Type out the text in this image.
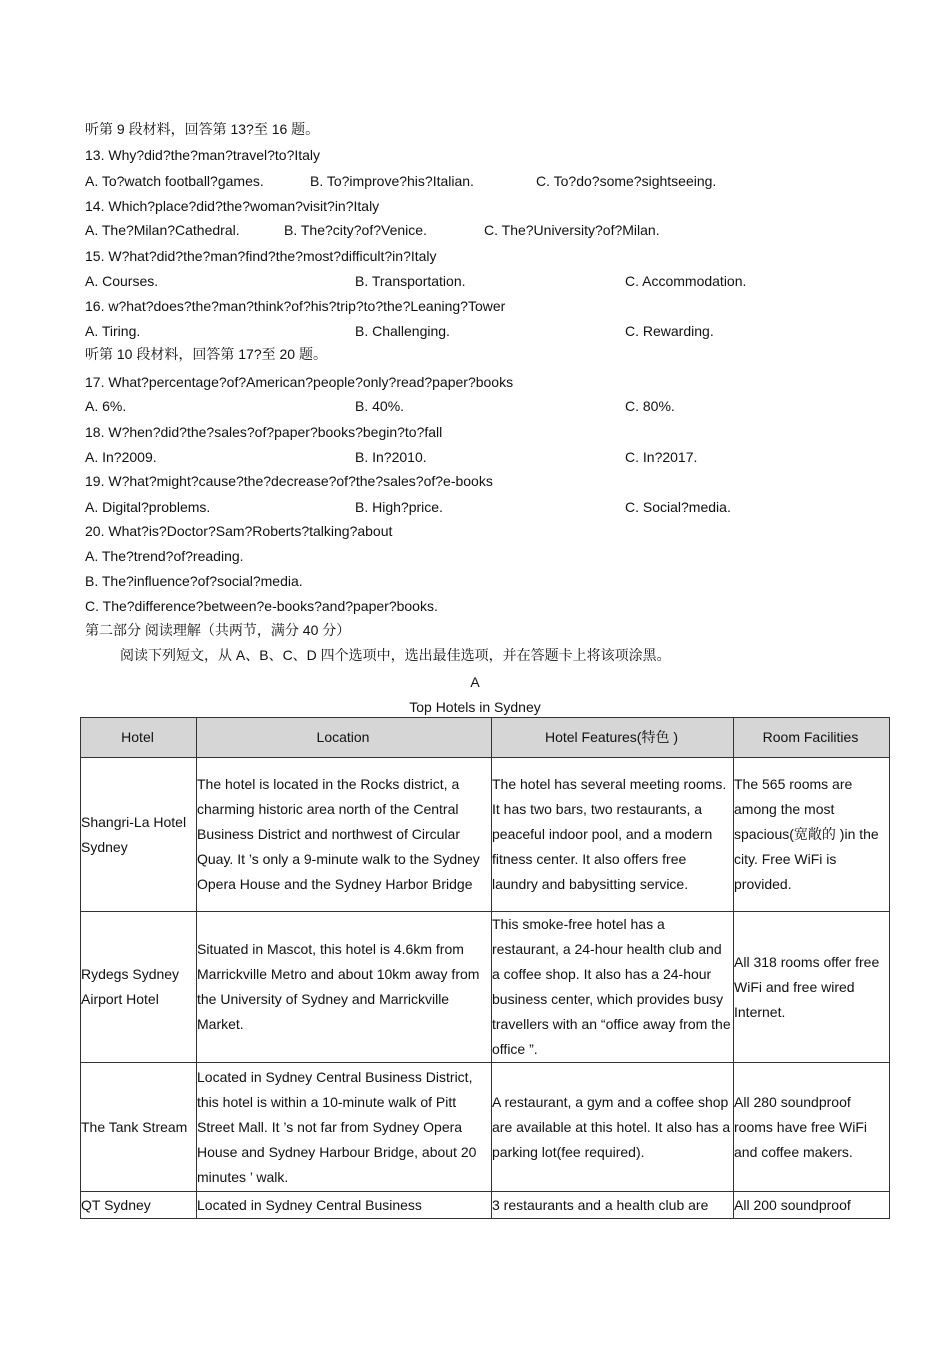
听第 9 段材料，回答第 13?至 16 题。
13. Why?did?the?man?travel?to?Italy
A. To?watch football?games.	B. To?improve?his?Italian.	C. To?do?some?sightseeing.
14. Which?place?did?the?woman?visit?in?Italy
A. The?Milan?Cathedral.	B. The?city?of?Venice.	C. The?University?of?Milan.
15. W?hat?did?the?man?find?the?most?difficult?in?Italy
A. Courses.	B. Transportation.	C. Accommodation.
16. w?hat?does?the?man?think?of?his?trip?to?the?Leaning?Tower
A. Tiring.	B. Challenging.	C. Rewarding.
听第 10 段材料，回答第 17?至 20 题。
17. What?percentage?of?American?people?only?read?paper?books
A. 6%.	B. 40%.	C. 80%.
18. W?hen?did?the?sales?of?paper?books?begin?to?fall
A. In?2009.	B. In?2010.	C. In?2017.
19. W?hat?might?cause?the?decrease?of?the?sales?of?e-books
A. Digital?problems.	B. High?price.	C. Social?media.
20. What?is?Doctor?Sam?Roberts?talking?about
A. The?trend?of?reading.
B. The?influence?of?social?media.
C. The?difference?between?e-books?and?paper?books.
第二部分 阅读理解（共两节，满分 40 分）
阅读下列短文，从 A、B、C、D 四个选项中，选出最佳选项，并在答题卡上将该项涂黑。
A
Top Hotels in Sydney
Hotel	Location	Hotel Features(特色 )	Room Facilities
Shangri-La Hotel Sydney	The hotel is located in the Rocks district, a charming historic area north of the Central Business District and northwest of Circular Quay. It ’s only a 9-minute walk to the Sydney Opera House and the Sydney Harbor Bridge	The hotel has several meeting rooms. It has two bars, two restaurants, a peaceful indoor pool, and a modern fitness center. It also offers free laundry and babysitting service.	The 565 rooms are among the most spacious(宽敞的 )in the city. Free WiFi is provided.
Rydegs Sydney Airport Hotel	Situated in Mascot, this hotel is 4.6km from Marrickville Metro and about 10km away from the University of Sydney and Marrickville Market.	This smoke-free hotel has a restaurant, a 24-hour health club and a coffee shop. It also has a 24-hour business center, which provides busy travellers with an “office away from the office ”.	All 318 rooms offer free WiFi and free wired Internet.
The Tank Stream	Located in Sydney Central Business District, this hotel is within a 10-minute walk of Pitt Street Mall. It ’s not far from Sydney Opera House and Sydney Harbour Bridge, about 20 minutes ’ walk.	A restaurant, a gym and a coffee shop are available at this hotel. It also has a parking lot(fee required).	All 280 soundproof rooms have free WiFi and coffee makers.
QT Sydney	Located in Sydney Central Business	3 restaurants and a health club are	All 200 soundproof
